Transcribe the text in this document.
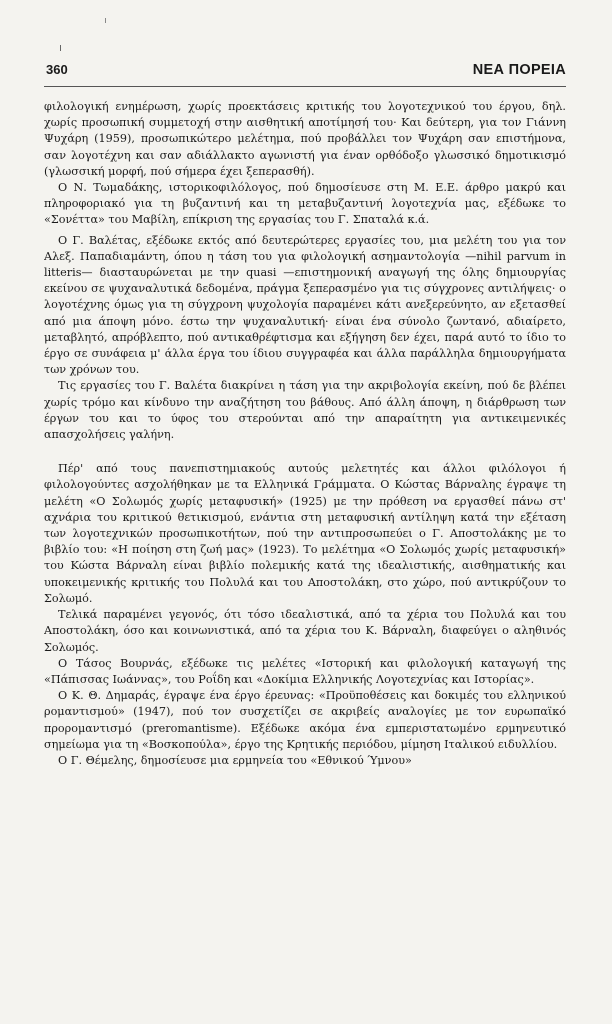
360	ΝΕΑ ΠΟΡΕΙΑ

φιλολογική ενημέρωση, χωρίς προεκτάσεις κριτικής του λογοτεχνικού του έργου, δηλ. χωρίς προσωπική συμμετοχή στην αισθητική αποτίμησή του· Και δεύτερη, για τον Γιάννη Ψυχάρη (1959), προσωπικώτερο μελέτημα, πού προβάλλει τον Ψυχάρη σαν επιστήμονα, σαν λογοτέχνη και σαν αδιάλλακτο αγωνιστή για έναν ορθόδοξο γλωσσικό δημοτικισμό (γλωσσική μορφή, πού σήμερα έχει ξεπερασθή).

Ο Ν. Τωμαδάκης, ιστορικοφιλόλογος, πού δημοσίευσε στη Μ. Ε.Ε. άρθρο μακρύ και πληροφοριακό για τη βυζαντινή και τη μεταβυζαντινή λογοτεχνία μας, εξέδωκε το «Σονέττα» του Μαβίλη, επίκριση της εργασίας του Γ. Σπαταλά κ.ά.

Ο Γ. Βαλέτας, εξέδωκε εκτός από δευτερώτερες εργασίες του, μια μελέτη του για τον Αλεξ. Παπαδιαμάντη, όπου η τάση του για φιλολογική ασημαντολογία —nihil parvum in litteris— διασταυρώνεται με την quasi —επιστημονική αναγωγή της όλης δημιουργίας εκείνου σε ψυχαναλυτικά δεδομένα, πράγμα ξεπερασμένο για τις σύγχρονες αντιλήψεις· ο λογοτέχνης όμως για τη σύγχρονη ψυχολογία παραμένει κάτι ανεξερεύνητο, αν εξετασθεί από μια άποψη μόνο. έστω την ψυχαναλυτική· είναι ένα σύνολο ζωντανό, αδιαίρετο, μεταβλητό, απρόβλεπτο, πού αντικαθρέφτισμα και εξήγηση δεν έχει, παρά αυτό το ίδιο το έργο σε συνάφεια μ' άλλα έργα του ίδιου συγγραφέα και άλλα παράλληλα δημιουργήματα των χρόνων του.

Τις εργασίες του Γ. Βαλέτα διακρίνει η τάση για την ακριβολογία εκείνη, πού δε βλέπει χωρίς τρόμο και κίνδυνο την αναζήτηση του βάθους. Από άλλη άποψη, η διάρθρωση των έργων του και το ύφος του στερούνται από την απαραίτητη για αντικειμενικές απασχολήσεις γαλήνη.

Πέρ' από τους πανεπιστημιακούς αυτούς μελετητές και άλλοι φιλόλογοι ή φιλολογούντες ασχολήθηκαν με τα Ελληνικά Γράμματα. Ο Κώστας Βάρναλης έγραψε τη μελέτη «Ο Σολωμός χωρίς μεταφυσική» (1925) με την πρόθεση να εργασθεί πάνω στ' αχνάρια του κριτικού θετικισμού, ενάντια στη μεταφυσική αντίληψη κατά την εξέταση των λογοτεχνικών προσωπικοτήτων, πού την αντιπροσωπεύει ο Γ. Αποστολάκης με το βιβλίο του: «Η ποίηση στη ζωή μας» (1923). Το μελέτημα «Ο Σολωμός χωρίς μεταφυσική» του Κώστα Βάρναλη είναι βιβλίο πολεμικής κατά της ιδεαλιστικής, αισθηματικής και υποκειμενικής κριτικής του Πολυλά και του Αποστολάκη, στο χώρο, πού αντικρύζουν το Σολωμό.

Τελικά παραμένει γεγονός, ότι τόσο ιδεαλιστικά, από τα χέρια του Πολυλά και του Αποστολάκη, όσο και κοινωνιστικά, από τα χέρια του Κ. Βάρναλη, διαφεύγει ο αληθινός Σολωμός.

Ο Τάσος Βουρνάς, εξέδωκε τις μελέτες «Ιστορική και φιλολογική καταγωγή της «Πάπισσας Ιωάννας», του Ροΐδη και «Δοκίμια Ελληνικής Λογοτεχνίας και Ιστορίας».

Ο Κ. Θ. Δημαράς, έγραψε ένα έργο έρευνας: «Προϋποθέσεις και δοκιμές του ελληνικού ρομαντισμού» (1947), πού τον συσχετίζει σε ακριβείς αναλογίες με τον ευρωπαϊκό προρομαντισμό (preromantisme). Εξέδωκε ακόμα ένα εμπεριστατωμένο ερμηνευτικό σημείωμα για τη «Βοσκοπούλα», έργο της Κρητικής περιόδου, μίμηση Ιταλικού ειδυλλίου.

Ο Γ. Θέμελης, δημοσίευσε μια ερμηνεία του «Εθνικού Ύμνου»
